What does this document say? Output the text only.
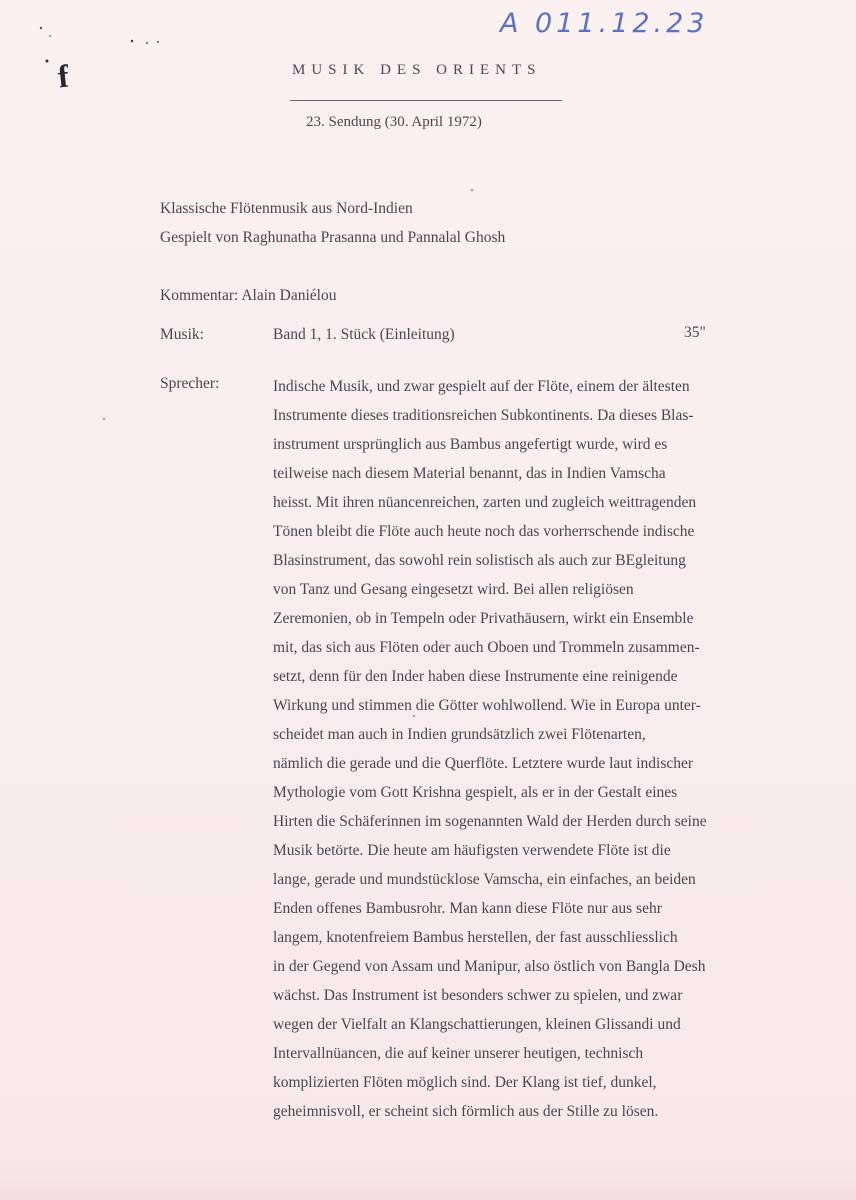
A 011.12.23
f	MUSIK DES ORIENTS
23. Sendung (30. April 1972)
Klassische Flötenmusik aus Nord-Indien
Gespielt von Raghunatha Prasanna und Pannalal Ghosh
Kommentar: Alain Daniélou
Musik:	Band 1, 1. Stück (Einleitung)	35"
Sprecher:	Indische Musik, und zwar gespielt auf der Flöte, einem der ältesten
Instrumente dieses traditionsreichen Subkontinents. Da dieses Blas-
instrument ursprünglich aus Bambus angefertigt wurde, wird es
teilweise nach diesem Material benannt, das in Indien Vamscha
heisst. Mit ihren nüancenreichen, zarten und zugleich weittragenden
Tönen bleibt die Flöte auch heute noch das vorherrschende indische
Blasinstrument, das sowohl rein solistisch als auch zur BEgleitung
von Tanz und Gesang eingesetzt wird. Bei allen religiösen
Zeremonien, ob in Tempeln oder Privathäusern, wirkt ein Ensemble
mit, das sich aus Flöten oder auch Oboen und Trommeln zusammen-
setzt, denn für den Inder haben diese Instrumente eine reinigende
Wirkung und stimmen die Götter wohlwollend. Wie in Europa unter-
scheidet man auch in Indien grundsätzlich zwei Flötenarten,
nämlich die gerade und die Querflöte. Letztere wurde laut indischer
Mythologie vom Gott Krishna gespielt, als er in der Gestalt eines
Hirten die Schäferinnen im sogenannten Wald der Herden durch seine
Musik betörte. Die heute am häufigsten verwendete Flöte ist die
lange, gerade und mundstücklose Vamscha, ein einfaches, an beiden
Enden offenes Bambusrohr. Man kann diese Flöte nur aus sehr
langem, knotenfreiem Bambus herstellen, der fast ausschliesslich
in der Gegend von Assam und Manipur, also östlich von Bangla Desh
wächst. Das Instrument ist besonders schwer zu spielen, und zwar
wegen der Vielfalt an Klangschattierungen, kleinen Glissandi und
Intervallnüancen, die auf keiner unserer heutigen, technisch
komplizierten Flöten möglich sind. Der Klang ist tief, dunkel,
geheimnisvoll, er scheint sich förmlich aus der Stille zu lösen.
